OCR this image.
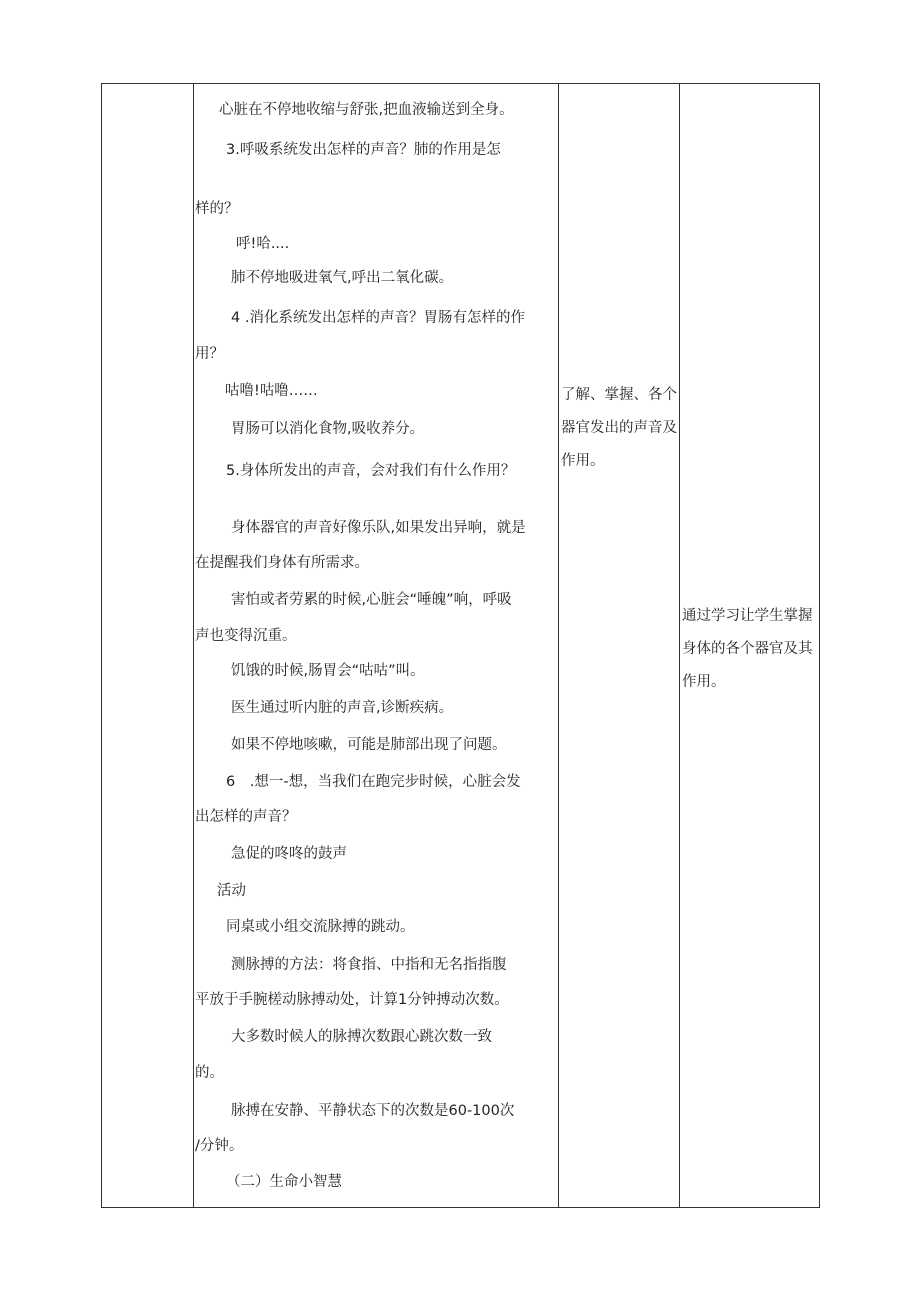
心脏在不停地收缩与舒张,把血液输送到全身。
3.呼吸系统发出怎样的声音？肺的作用是怎
样的？
呼!哈....
肺不停地吸进氧气,呼出二氧化碳。
4 .消化系统发出怎样的声音？胃肠有怎样的作
用？
咕噜!咕噜……
胃肠可以消化食物,吸收养分。
5.身体所发出的声音，会对我们有什么作用？
身体器官的声音好像乐队,如果发出异响，就是
在提醒我们身体有所需求。
害怕或者劳累的时候,心脏会“唾魄”响，呼吸
声也变得沉重。
饥饿的时候,肠胃会“咕咕”叫。
医生通过听内脏的声音,诊断疾病。
如果不停地咳嗽，可能是肺部出现了问题。
6　.想一-想，当我们在跑完步时候，心脏会发
出怎样的声音？
急促的咚咚的鼓声
活动
同桌或小组交流脉搏的跳动。
测脉搏的方法：将食指、中指和无名指指腹
平放于手腕槎动脉搏动处，计算1分钟搏动次数。
大多数时候人的脉搏次数跟心跳次数一致
的。
脉搏在安静、平静状态下的次数是60-100次
/分钟。
（二）生命小智慧
了解、掌握、各个器官发出的声音及作用。
通过学习让学生掌握身体的各个器官及其作用。
